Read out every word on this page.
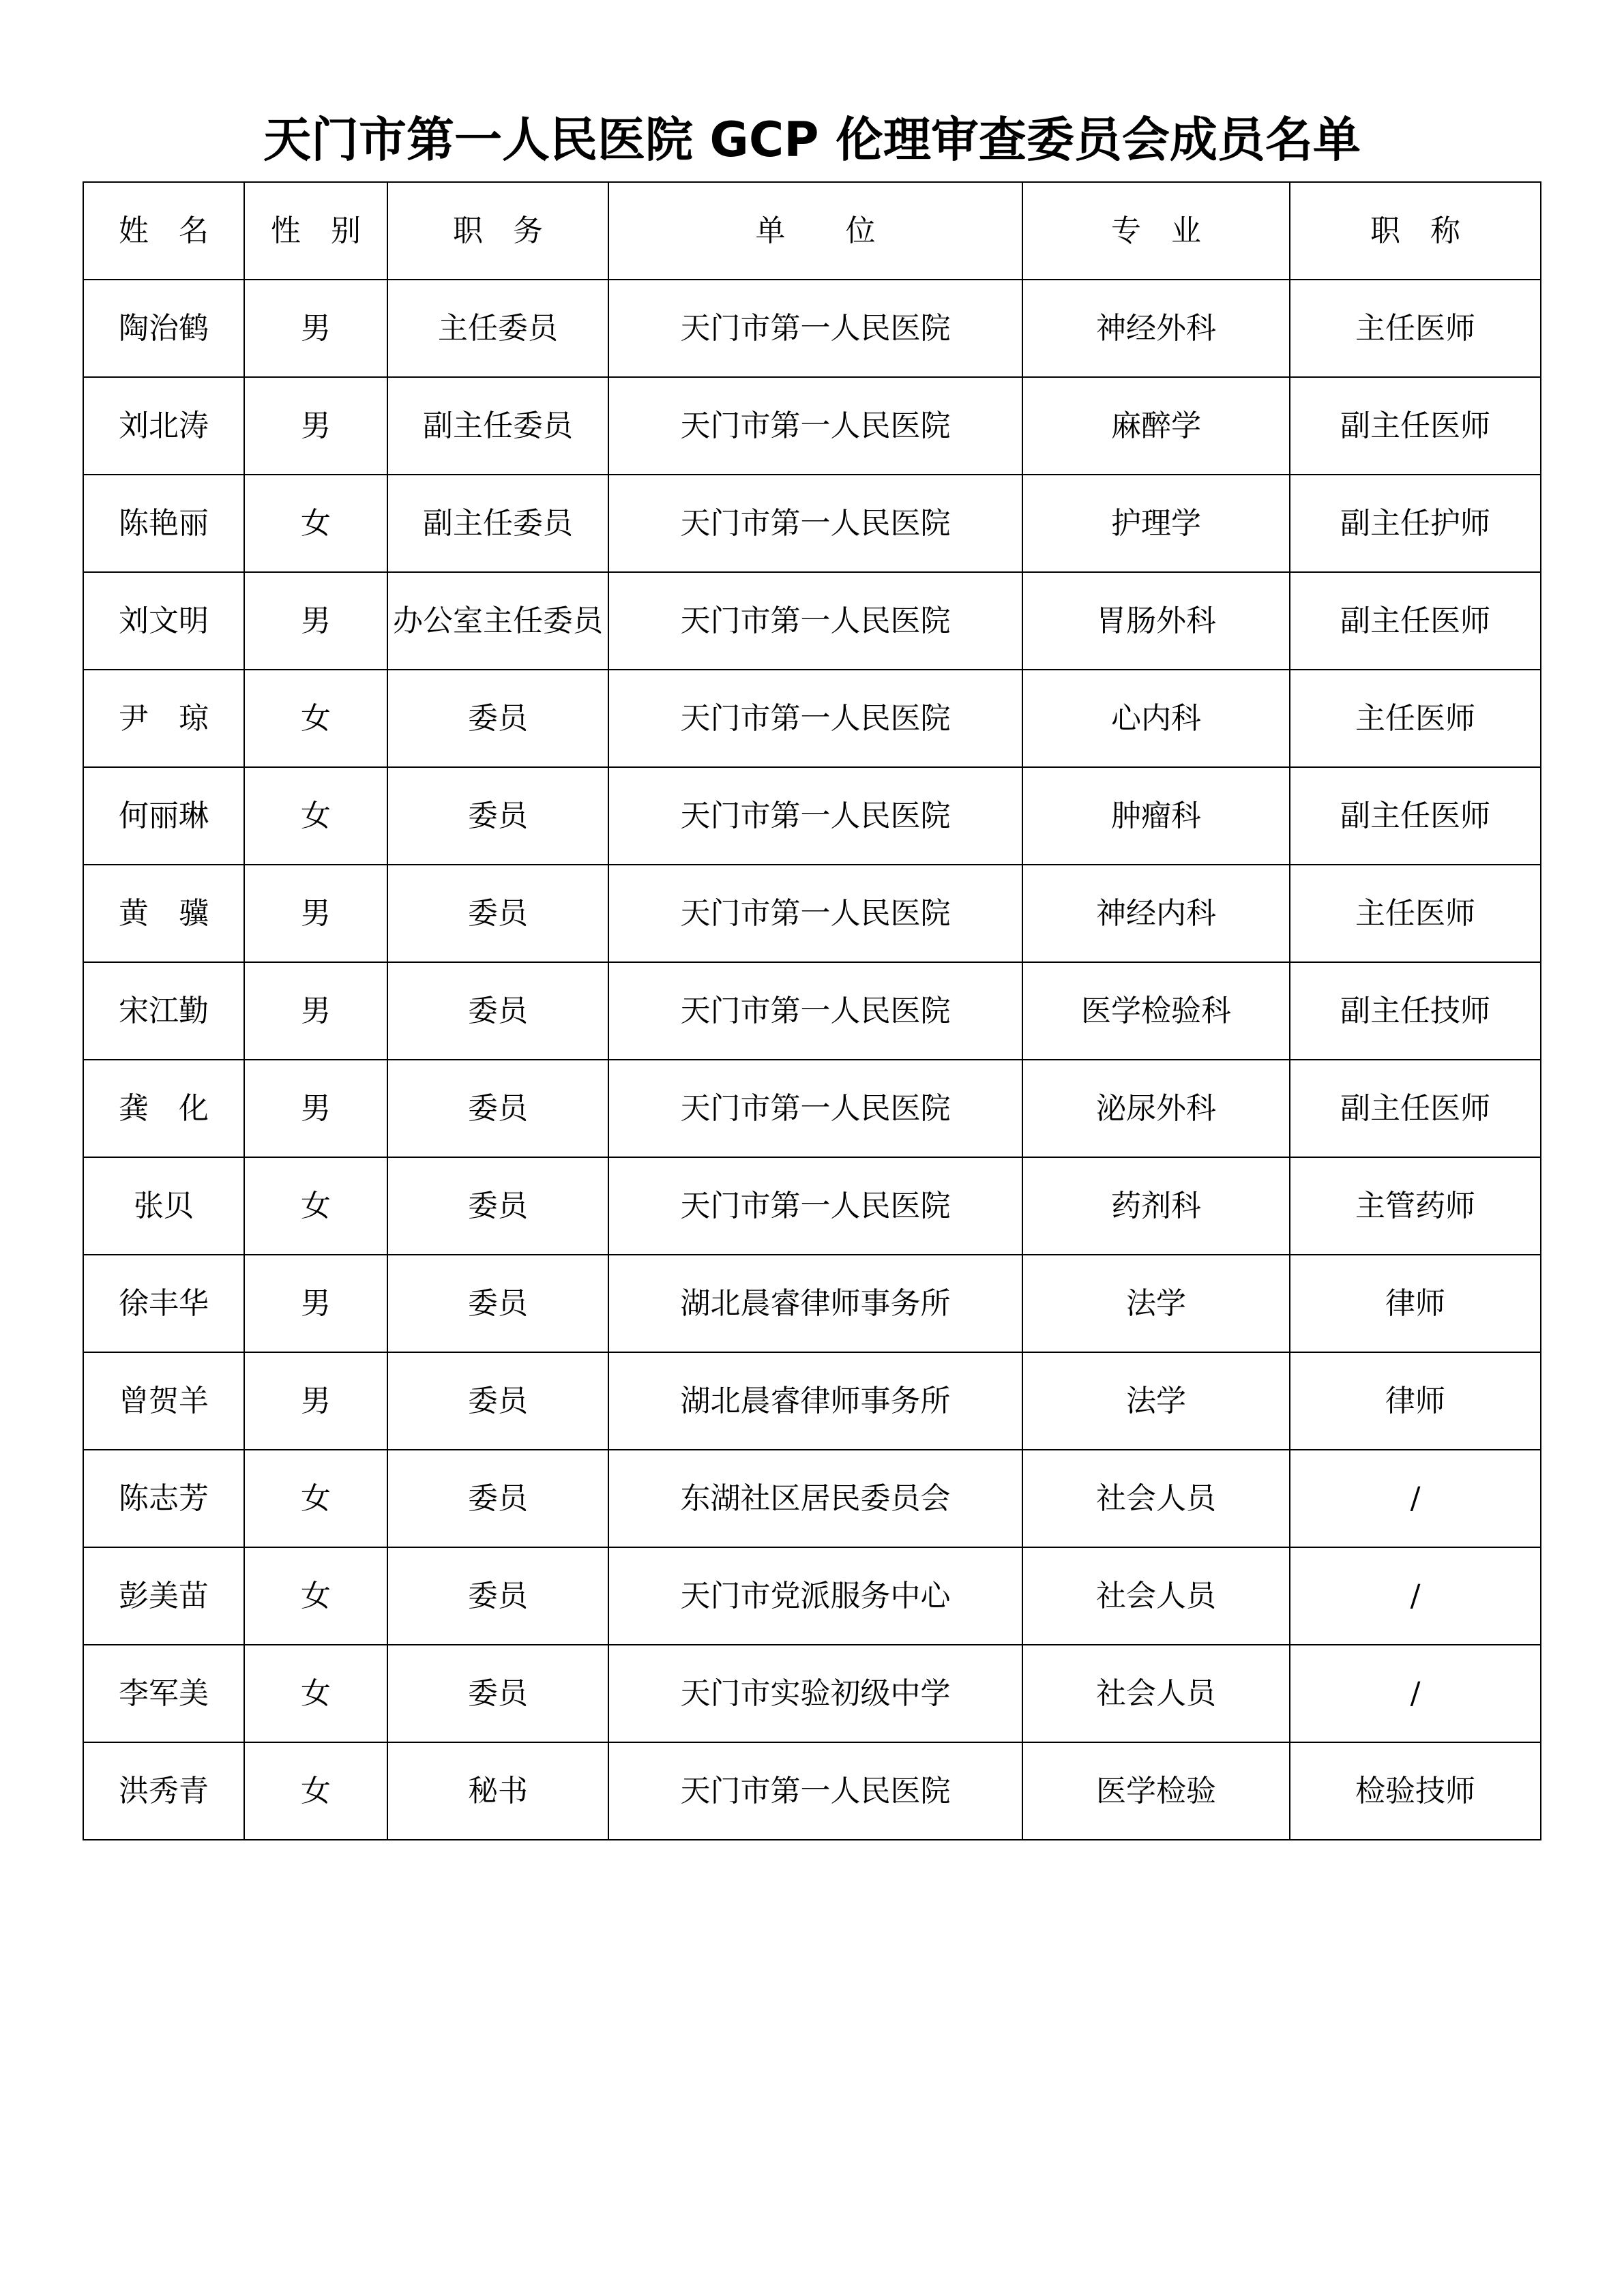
天门市第一人民医院 GCP 伦理审查委员会成员名单
姓　名	性　别	职　务	单　　位	专　业	职　称
陶治鹤	男	主任委员	天门市第一人民医院	神经外科	主任医师
刘北涛	男	副主任委员	天门市第一人民医院	麻醉学	副主任医师
陈艳丽	女	副主任委员	天门市第一人民医院	护理学	副主任护师
刘文明	男	办公室主任委员	天门市第一人民医院	胃肠外科	副主任医师
尹　琼	女	委员	天门市第一人民医院	心内科	主任医师
何丽琳	女	委员	天门市第一人民医院	肿瘤科	副主任医师
黄　骥	男	委员	天门市第一人民医院	神经内科	主任医师
宋江勤	男	委员	天门市第一人民医院	医学检验科	副主任技师
龚　化	男	委员	天门市第一人民医院	泌尿外科	副主任医师
张贝	女	委员	天门市第一人民医院	药剂科	主管药师
徐丰华	男	委员	湖北晨睿律师事务所	法学	律师
曾贺羊	男	委员	湖北晨睿律师事务所	法学	律师
陈志芳	女	委员	东湖社区居民委员会	社会人员	/
彭美苗	女	委员	天门市党派服务中心	社会人员	/
李军美	女	委员	天门市实验初级中学	社会人员	/
洪秀青	女	秘书	天门市第一人民医院	医学检验	检验技师
